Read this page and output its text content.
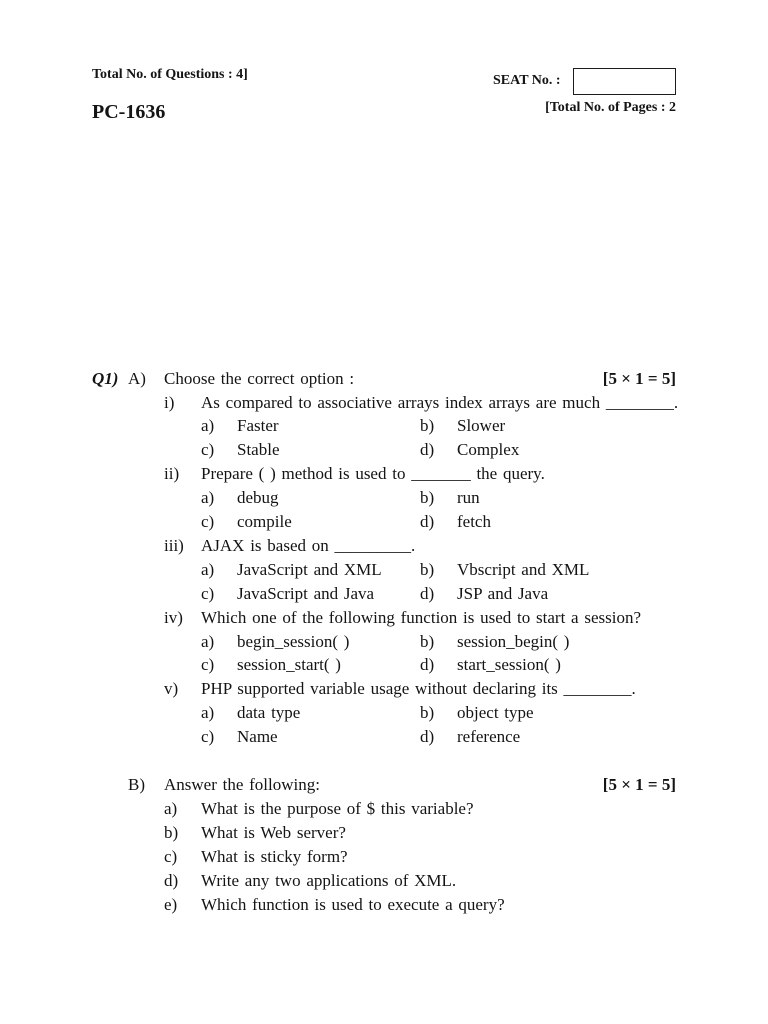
Total No. of Questions : 4]	SEAT No. :
PC-1636	[Total No. of Pages : 2
Q1) A) Choose the correct option :	[5 × 1 = 5]
i) As compared to associative arrays index arrays are much ________.
a) Faster	b) Slower
c) Stable	d) Complex
ii) Prepare ( ) method is used to _______ the query.
a) debug	b) run
c) compile	d) fetch
iii) AJAX is based on _________.
a) JavaScript and XML b) Vbscript and XML
c) JavaScript and Java	d) JSP and Java
iv) Which one of the following function is used to start a session?
a) begin_session( )	b) session_begin( )
c) session_start( )	d) start_session( )
v) PHP supported variable usage without declaring its ________.
a) data type	b) object type
c) Name	d) reference
B) Answer the following:	[5 × 1 = 5]
a) What is the purpose of $ this variable?
b) What is Web server?
c) What is sticky form?
d) Write any two applications of XML.
e) Which function is used to execute a query?
